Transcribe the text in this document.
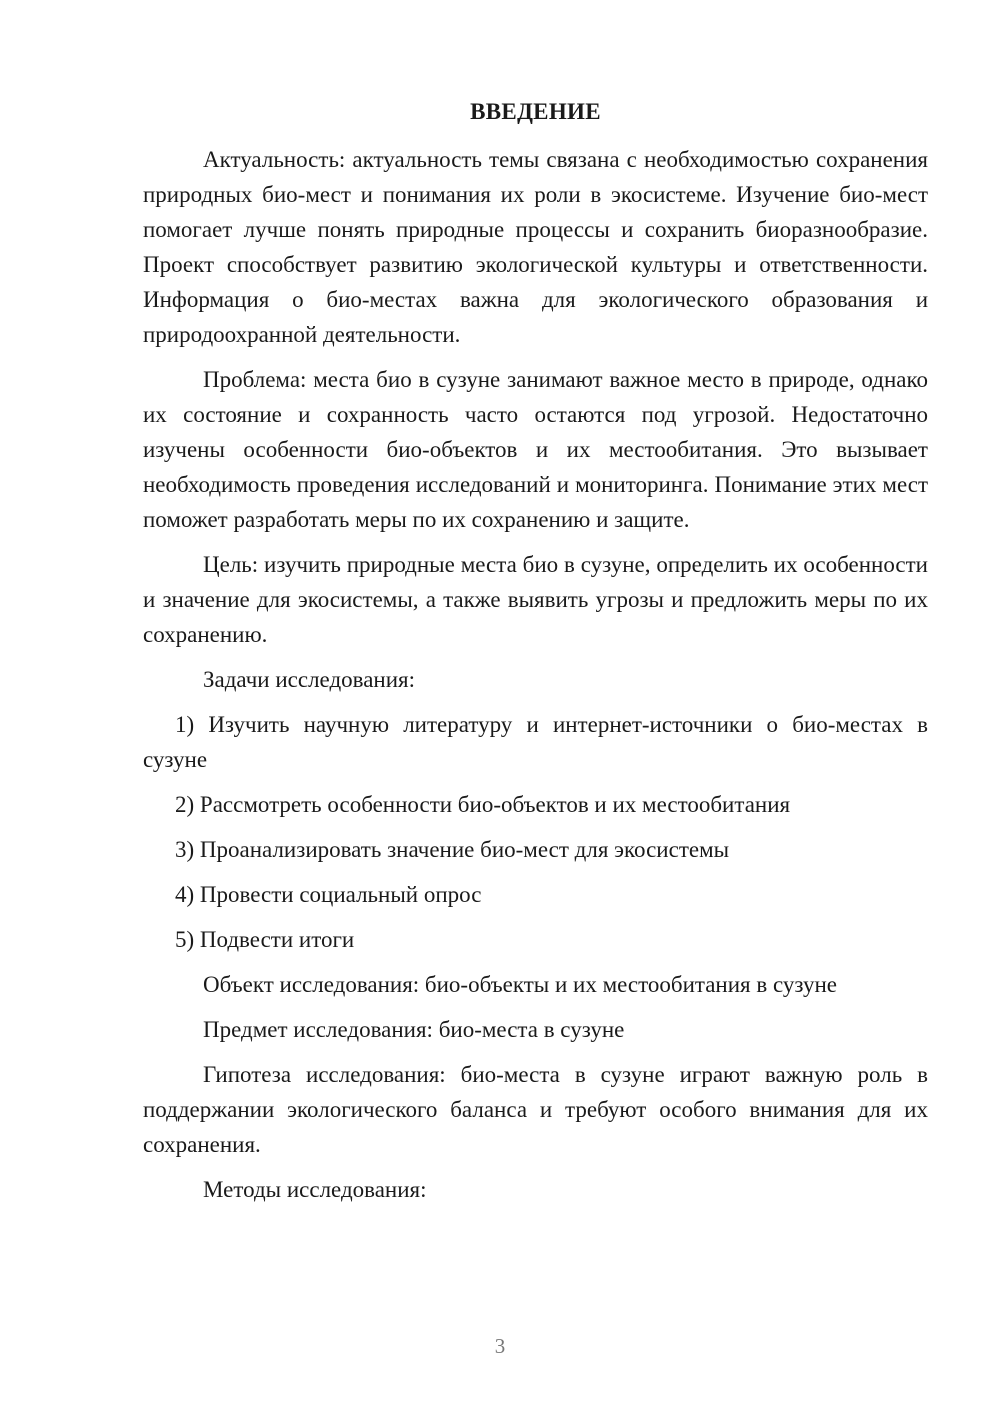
ВВЕДЕНИЕ

Актуальность: актуальность темы связана с необходимостью сохранения природных био-мест и понимания их роли в экосистеме. Изучение био-мест помогает лучше понять природные процессы и сохранить биоразнообразие. Проект способствует развитию экологической культуры и ответственности. Информация о био-местах важна для экологического образования и природоохранной деятельности.

Проблема: места био в сузуне занимают важное место в природе, однако их состояние и сохранность часто остаются под угрозой. Недостаточно изучены особенности био-объектов и их местообитания. Это вызывает необходимость проведения исследований и мониторинга. Понимание этих мест поможет разработать меры по их сохранению и защите.

Цель: изучить природные места био в сузуне, определить их особенности и значение для экосистемы, а также выявить угрозы и предложить меры по их сохранению.

Задачи исследования:

1) Изучить научную литературу и интернет-источники о био-местах в сузуне

2) Рассмотреть особенности био-объектов и их местообитания

3) Проанализировать значение био-мест для экосистемы

4) Провести социальный опрос

5) Подвести итоги

Объект исследования: био-объекты и их местообитания в сузуне

Предмет исследования: био-места в сузуне

Гипотеза исследования: био-места в сузуне играют важную роль в поддержании экологического баланса и требуют особого внимания для их сохранения.

Методы исследования:

3
